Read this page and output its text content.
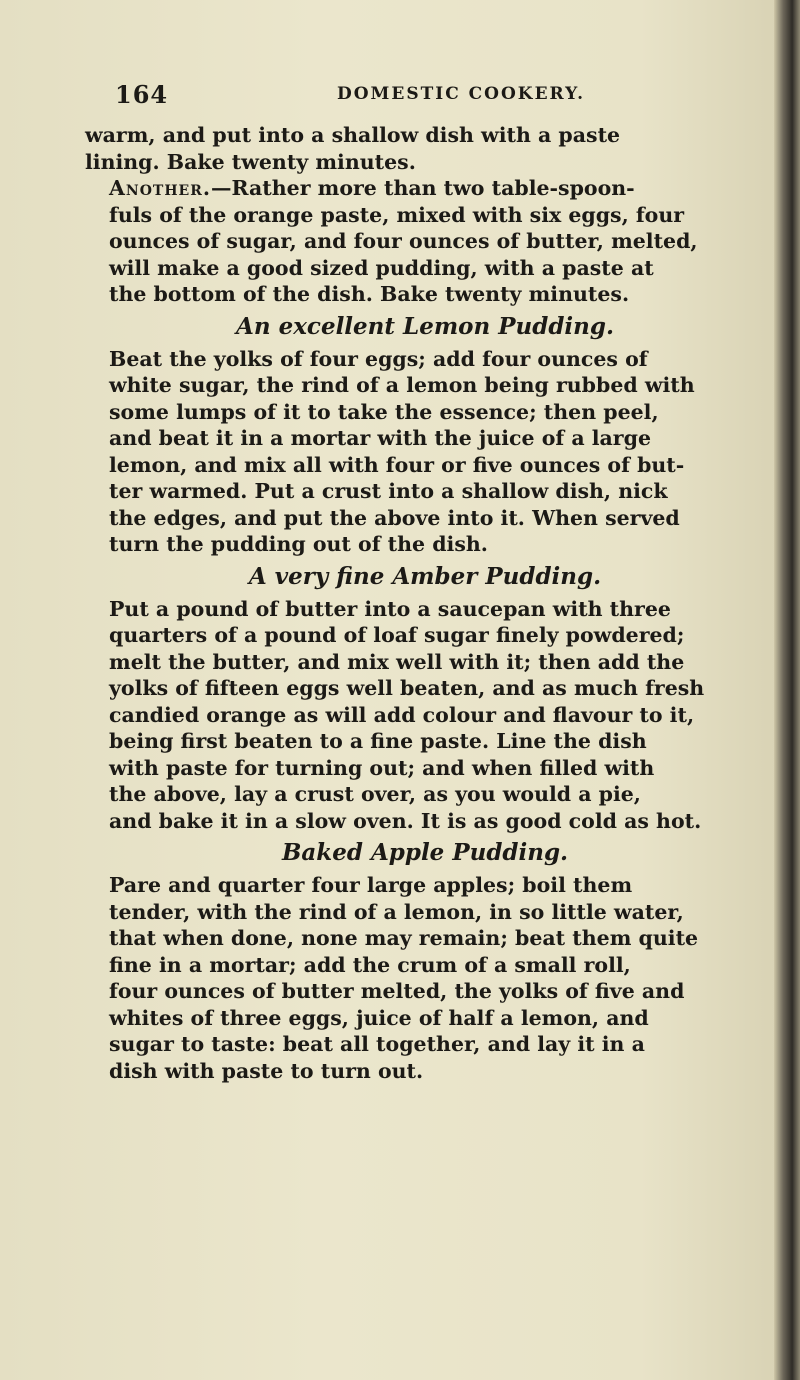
164	DOMESTIC COOKERY.

warm, and put into a shallow dish with a paste
lining. Bake twenty minutes.

Another.—Rather more than two table-spoon-
fuls of the orange paste, mixed with six eggs, four
ounces of sugar, and four ounces of butter, melted,
will make a good sized pudding, with a paste at
the bottom of the dish. Bake twenty minutes.

An excellent Lemon Pudding.

Beat the yolks of four eggs; add four ounces of
white sugar, the rind of a lemon being rubbed with
some lumps of it to take the essence; then peel,
and beat it in a mortar with the juice of a large
lemon, and mix all with four or five ounces of but-
ter warmed. Put a crust into a shallow dish, nick
the edges, and put the above into it. When served
turn the pudding out of the dish.

A very fine Amber Pudding.

Put a pound of butter into a saucepan with three
quarters of a pound of loaf sugar finely powdered;
melt the butter, and mix well with it; then add the
yolks of fifteen eggs well beaten, and as much fresh
candied orange as will add colour and flavour to it,
being first beaten to a fine paste. Line the dish
with paste for turning out; and when filled with
the above, lay a crust over, as you would a pie,
and bake it in a slow oven. It is as good cold as hot.

Baked Apple Pudding.

Pare and quarter four large apples; boil them
tender, with the rind of a lemon, in so little water,
that when done, none may remain; beat them quite
fine in a mortar; add the crum of a small roll,
four ounces of butter melted, the yolks of five and
whites of three eggs, juice of half a lemon, and
sugar to taste: beat all together, and lay it in a
dish with paste to turn out.
